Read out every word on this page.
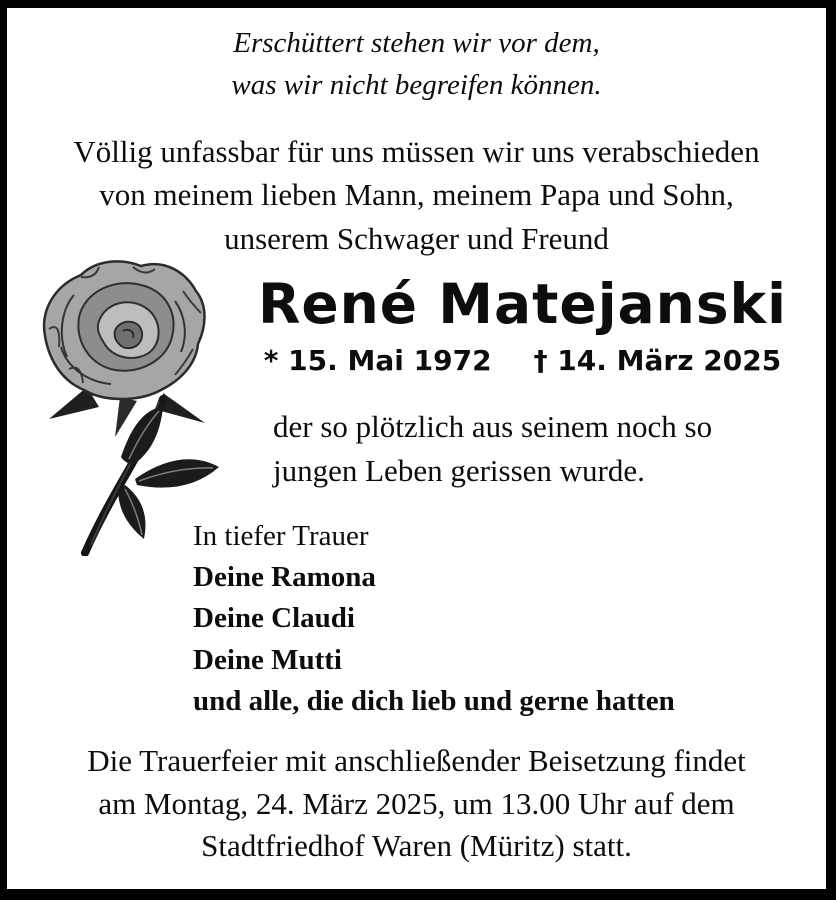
Erschüttert stehen wir vor dem,
was wir nicht begreifen können.
Völlig unfassbar für uns müssen wir uns verabschieden
von meinem lieben Mann, meinem Papa und Sohn,
unserem Schwager und Freund
René Matejanski
* 15. Mai 1972 † 14. März 2025
der so plötzlich aus seinem noch so
jungen Leben gerissen wurde.
In tiefer Trauer
Deine Ramona
Deine Claudi
Deine Mutti
und alle, die dich lieb und gerne hatten
Die Trauerfeier mit anschließender Beisetzung findet
am Montag, 24. März 2025, um 13.00 Uhr auf dem
Stadtfriedhof Waren (Müritz) statt.
